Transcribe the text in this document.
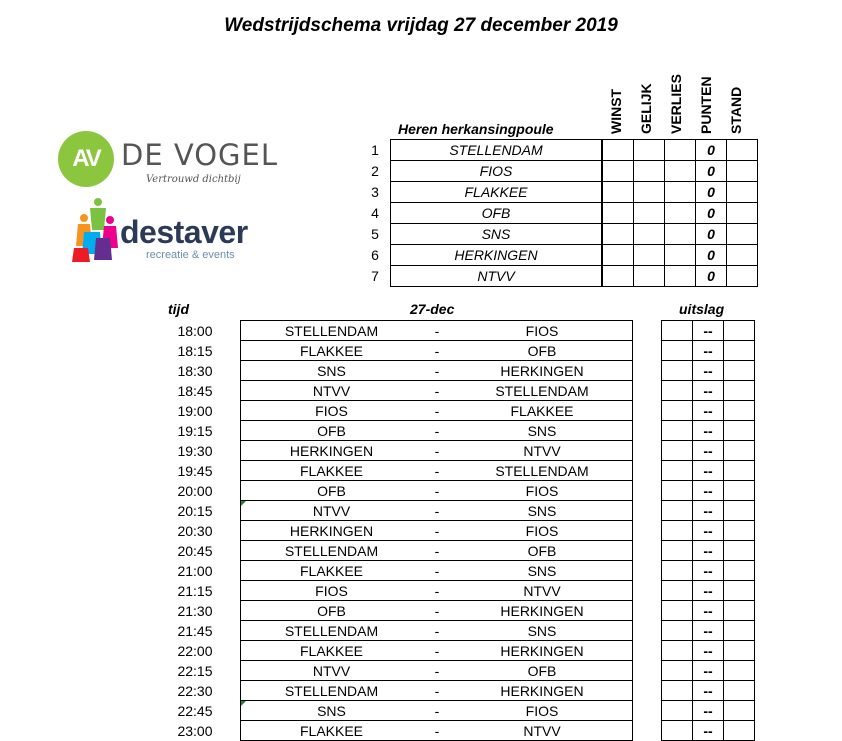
Wedstrijdschema vrijdag 27 december 2019
AV DE VOGEL
Vertrouwd dichtbij
destaver
recreatie & events
WINST	GELIJK	VERLIES	PUNTEN	STAND
Heren herkansingpoule
1	STELLENDAM				0	
2	FIOS				0	
3	FLAKKEE				0	
4	OFB				0	
5	SNS				0	
6	HERKINGEN				0	
7	NTVV				0	
tijd	27-dec	uitslag
18:00	STELLENDAM	-	FIOS			--	
18:15	FLAKKEE	-	OFB			--	
18:30	SNS	-	HERKINGEN			--	
18:45	NTVV	-	STELLENDAM			--	
19:00	FIOS	-	FLAKKEE			--	
19:15	OFB	-	SNS			--	
19:30	HERKINGEN	-	NTVV			--	
19:45	FLAKKEE	-	STELLENDAM			--	
20:00	OFB	-	FIOS			--	
20:15	NTVV	-	SNS			--	
20:30	HERKINGEN	-	FIOS			--	
20:45	STELLENDAM	-	OFB			--	
21:00	FLAKKEE	-	SNS			--	
21:15	FIOS	-	NTVV			--	
21:30	OFB	-	HERKINGEN			--	
21:45	STELLENDAM	-	SNS			--	
22:00	FLAKKEE	-	HERKINGEN			--	
22:15	NTVV	-	OFB			--	
22:30	STELLENDAM	-	HERKINGEN			--	
22:45	SNS	-	FIOS			--	
23:00	FLAKKEE	-	NTVV			--	
